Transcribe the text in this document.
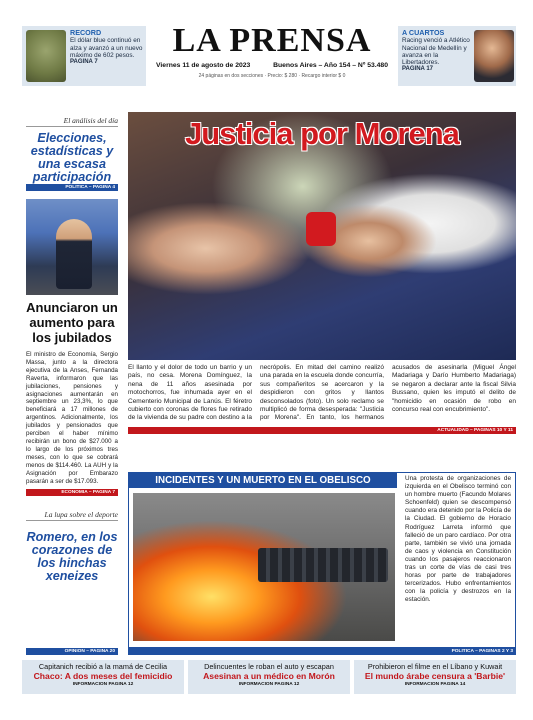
RECORD
El dólar blue continuó en alza y avanzó a un nuevo máximo de 602 pesos.
PAGINA 7
LA PRENSA
Viernes 11 de agosto de 2023	Buenos Aires – Año 154 – Nº 53.480
24 páginas en dos secciones · Precio: $ 280 · Recargo interior $ 0
A CUARTOS
Racing venció a Atlético Nacional de Medellín y avanza en la Libertadores.
PAGINA 17
El análisis del día
Elecciones, estadísticas y una escasa participación
POLITICA – PAGINA 4
Anunciaron un aumento para los jubilados
El ministro de Economía, Sergio Massa, junto a la directora ejecutiva de la Anses, Fernanda Raverta, informaron que las jubilaciones, pensiones y asignaciones aumentarán en septiembre un 23,3%, lo que beneficiará a 17 millones de argentinos. Adicionalmente, los jubilados y pensionados que perciben el haber mínimo recibirán un bono de $27.000 a lo largo de los próximos tres meses, con lo que se cobrará menos de $114.460. La AUH y la Asignación por Embarazo pasarán a ser de $17.093.
ECONOMIA – PAGINA 7
La lupa sobre el deporte
Romero, en los corazones de los hinchas xeneizes
OPINION – PAGINA 20
Justicia por Morena
El llanto y el dolor de todo un barrio y un país, no cesa. Morena Domínguez, la nena de 11 años asesinada por motochorros, fue inhumada ayer en el Cementerio Municipal de Lanús. El féretro cubierto con coronas de flores fue retirado de la vivienda de su padre con destino a la necrópolis. En mitad del camino realizó una parada en la escuela donde concurría, sus compañeritos se acercaron y la despidieron con gritos y llantos desconsolados (foto). Un solo reclamo se multiplicó de forma desesperada: "Justicia por Morena". En tanto, los hermanos acusados de asesinarla (Miguel Ángel Madariaga y Darío Humberto Madariaga) se negaron a declarar ante la fiscal Silvia Bussano, quien les imputó el delito de "homicidio en ocasión de robo en concurso real con encubrimiento".
ACTUALIDAD – PAGINAS 10 Y 11
INCIDENTES Y UN MUERTO EN EL OBELISCO	Una protesta de organizaciones de izquierda en el Obelisco terminó con un hombre muerto (Facundo Molares Schoenfeld) quien se descompensó cuando era detenido por la Policía de la Ciudad. El gobierno de Horacio Rodríguez Larreta informó que falleció de un paro cardíaco. Por otra parte, también se vivió una jornada de caos y violencia en Constitución cuando los pasajeros reaccionaron tras un corte de vías de casi tres horas por parte de trabajadores tercerizados. Hubo enfrentamientos con la policía y destrozos en la estación.
POLITICA – PAGINAS 2 Y 3
Capitanich recibió a la mamá de Cecilia
Chaco: A dos meses del femicidio
INFORMACION PAGINA 12
Delincuentes le roban el auto y escapan
Asesinan a un médico en Morón
INFORMACION PAGINA 12
Prohibieron el filme en el Líbano y Kuwait
El mundo árabe censura a 'Barbie'
INFORMACION PAGINA 14
